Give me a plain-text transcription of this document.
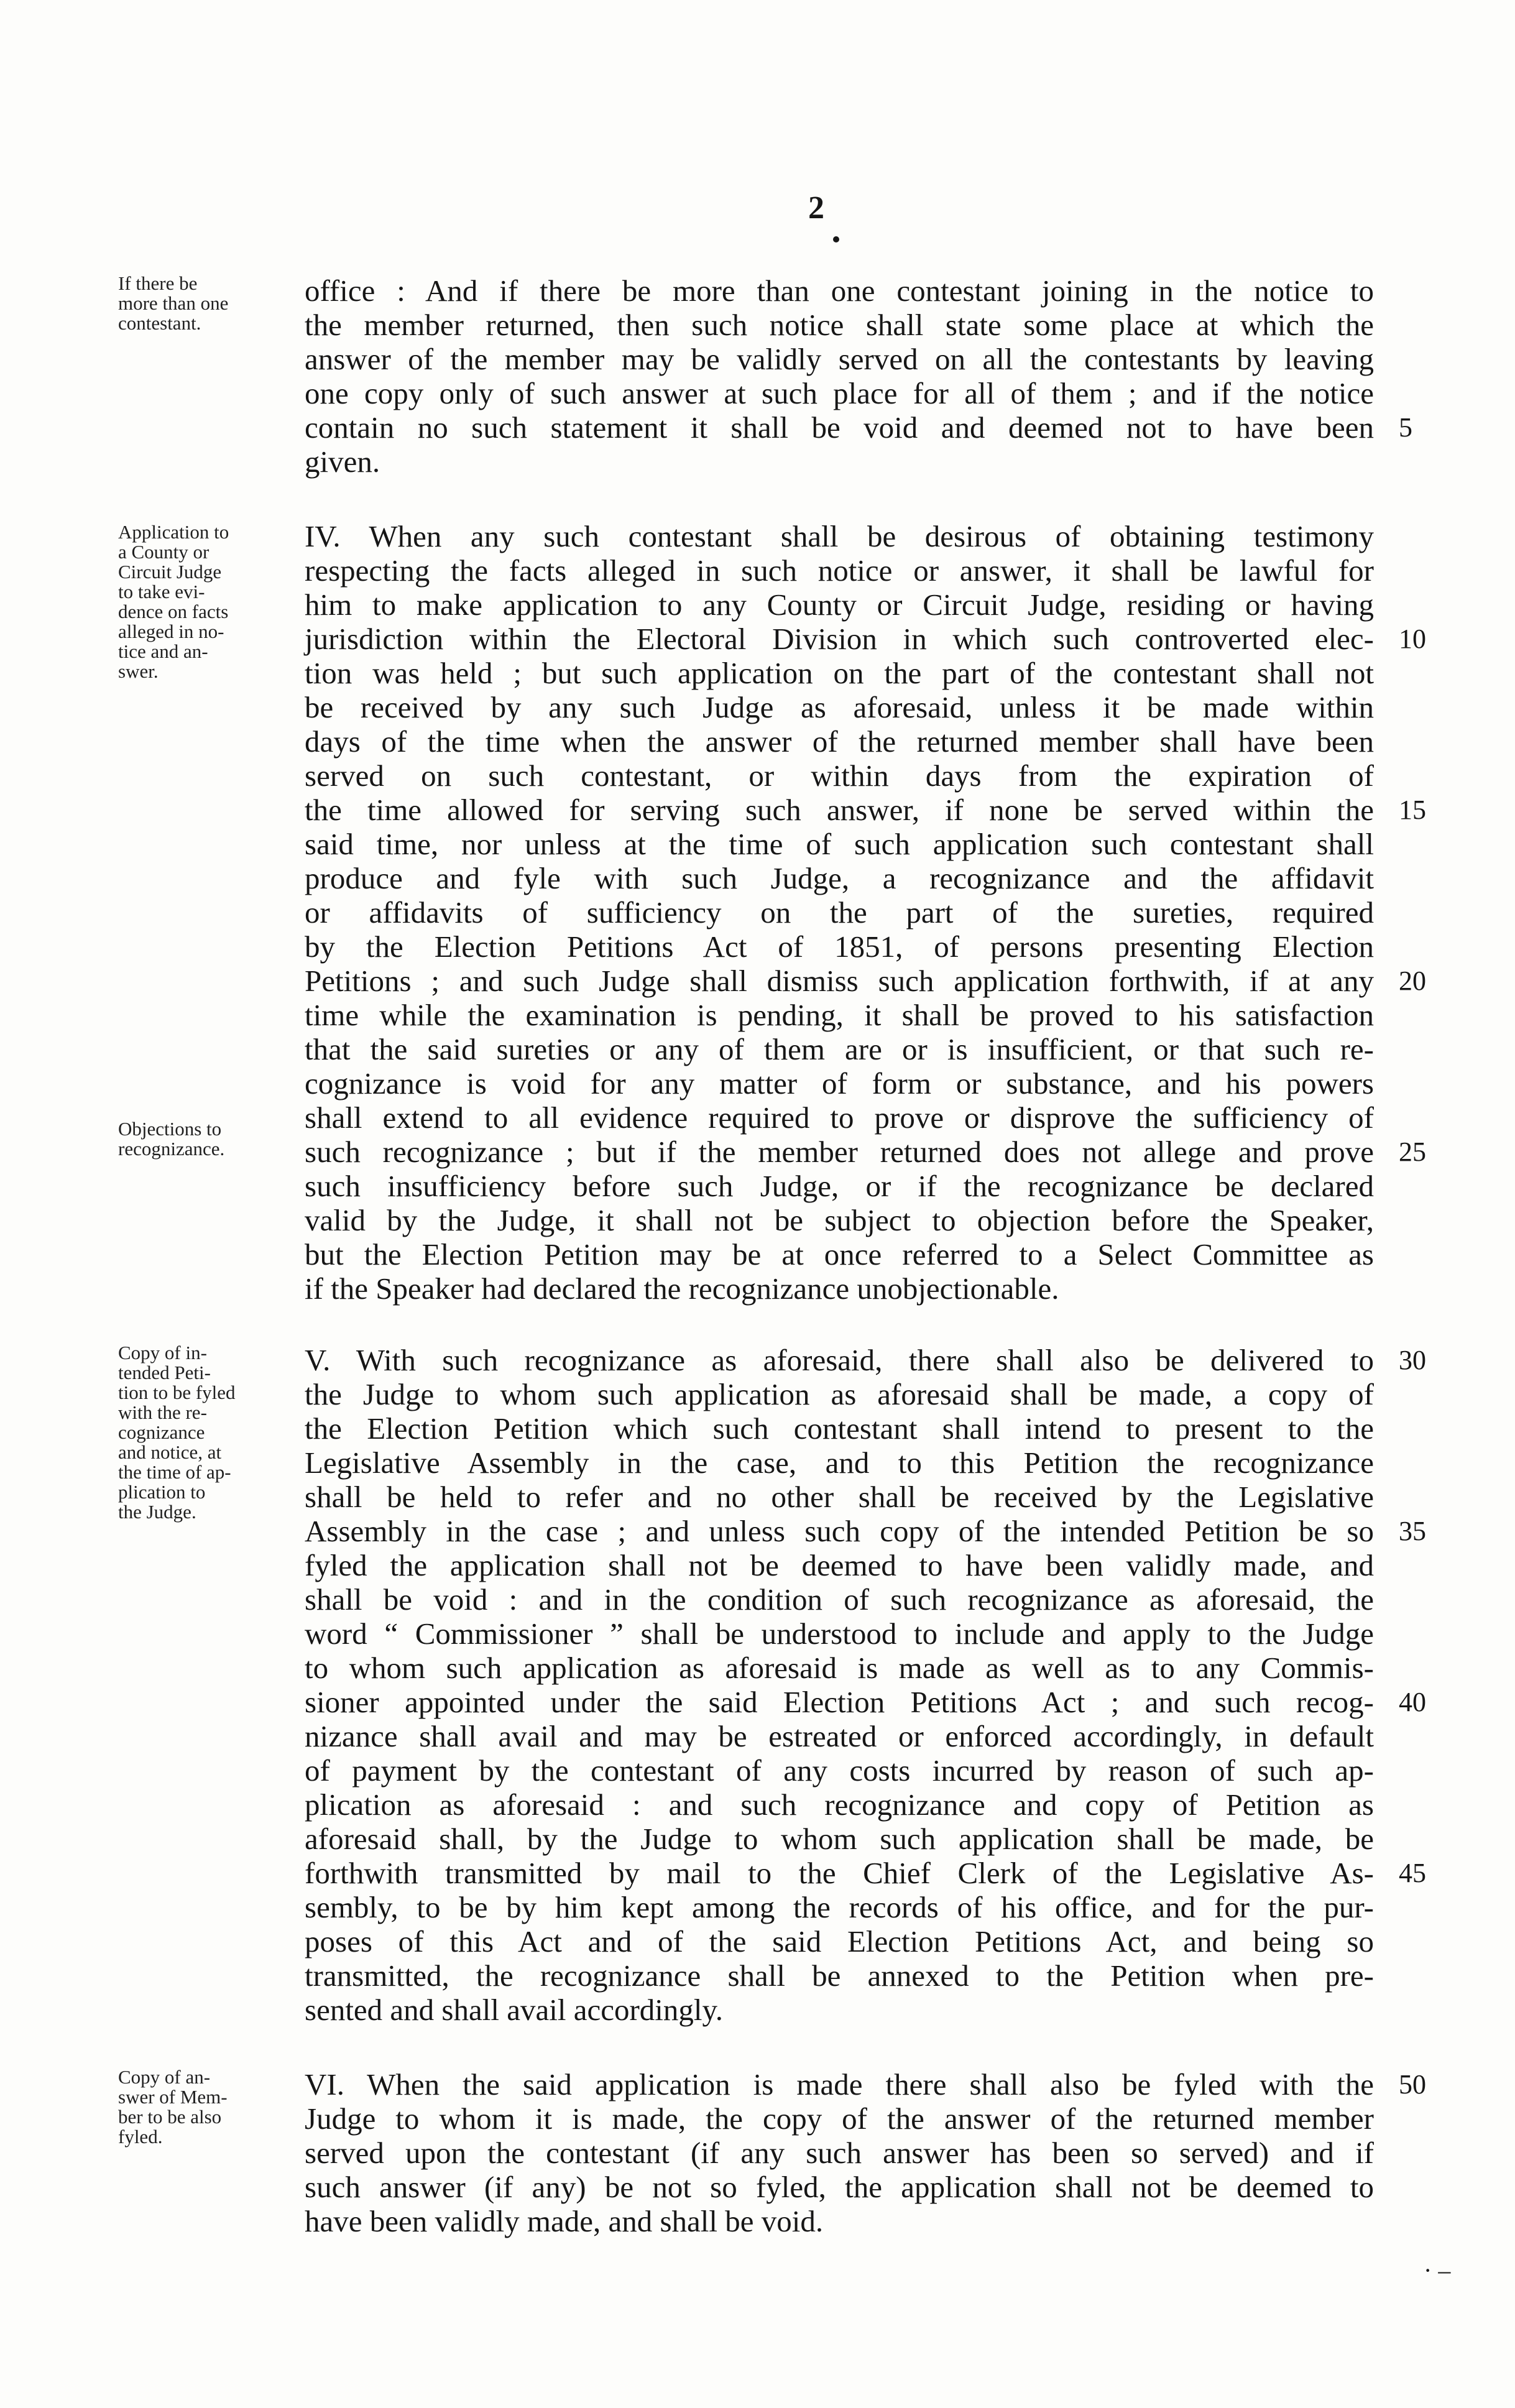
2
If there be
more than one
contestant.
Application to
a County or
Circuit Judge
to take evi-
dence on facts
alleged in no-
tice and an-
swer.
Objections to
recognizance.
Copy of in-
tended Peti-
tion to be fyled
with the re-
cognizance
and notice, at
the time of ap-
plication to
the Judge.
Copy of an-
swer of Mem-
ber to be also
fyled.
office : And if there be more than one contestant joining in the notice to
the member returned, then such notice shall state some place at which the
answer of the member may be validly served on all the contestants by leaving
one copy only of such answer at such place for all of them ; and if the notice
contain no such statement it shall be void and deemed not to have been
given.
IV. When any such contestant shall be desirous of obtaining testimony
respecting the facts alleged in such notice or answer, it shall be lawful for
him to make application to any County or Circuit Judge, residing or having
jurisdiction within the Electoral Division in which such controverted elec-
tion was held ; but such application on the part of the contestant shall not
be received by any such Judge as aforesaid, unless it be made within
days of the time when the answer of the returned member shall have been
served on such contestant, or within days from the expiration of
the time allowed for serving such answer, if none be served within the
said time, nor unless at the time of such application such contestant shall
produce and fyle with such Judge, a recognizance and the affidavit
or affidavits of sufficiency on the part of the sureties, required
by the Election Petitions Act of 1851, of persons presenting Election
Petitions ; and such Judge shall dismiss such application forthwith, if at any
time while the examination is pending, it shall be proved to his satisfaction
that the said sureties or any of them are or is insufficient, or that such re-
cognizance is void for any matter of form or substance, and his powers
shall extend to all evidence required to prove or disprove the sufficiency of
such recognizance ; but if the member returned does not allege and prove
such insufficiency before such Judge, or if the recognizance be declared
valid by the Judge, it shall not be subject to objection before the Speaker,
but the Election Petition may be at once referred to a Select Committee as
if the Speaker had declared the recognizance unobjectionable.
V. With such recognizance as aforesaid, there shall also be delivered to
the Judge to whom such application as aforesaid shall be made, a copy of
the Election Petition which such contestant shall intend to present to the
Legislative Assembly in the case, and to this Petition the recognizance
shall be held to refer and no other shall be received by the Legislative
Assembly in the case ; and unless such copy of the intended Petition be so
fyled the application shall not be deemed to have been validly made, and
shall be void : and in the condition of such recognizance as aforesaid, the
word “ Commissioner ” shall be understood to include and apply to the Judge
to whom such application as aforesaid is made as well as to any Commis-
sioner appointed under the said Election Petitions Act ; and such recog-
nizance shall avail and may be estreated or enforced accordingly, in default
of payment by the contestant of any costs incurred by reason of such ap-
plication as aforesaid : and such recognizance and copy of Petition as
aforesaid shall, by the Judge to whom such application shall be made, be
forthwith transmitted by mail to the Chief Clerk of the Legislative As-
sembly, to be by him kept among the records of his office, and for the pur-
poses of this Act and of the said Election Petitions Act, and being so
transmitted, the recognizance shall be annexed to the Petition when pre-
sented and shall avail accordingly.
VI. When the said application is made there shall also be fyled with the
Judge to whom it is made, the copy of the answer of the returned member
served upon the contestant (if any such answer has been so served) and if
such answer (if any) be not so fyled, the application shall not be deemed to
have been validly made, and shall be void.
5
10
15
20
25
30
35
40
45
50
· –
